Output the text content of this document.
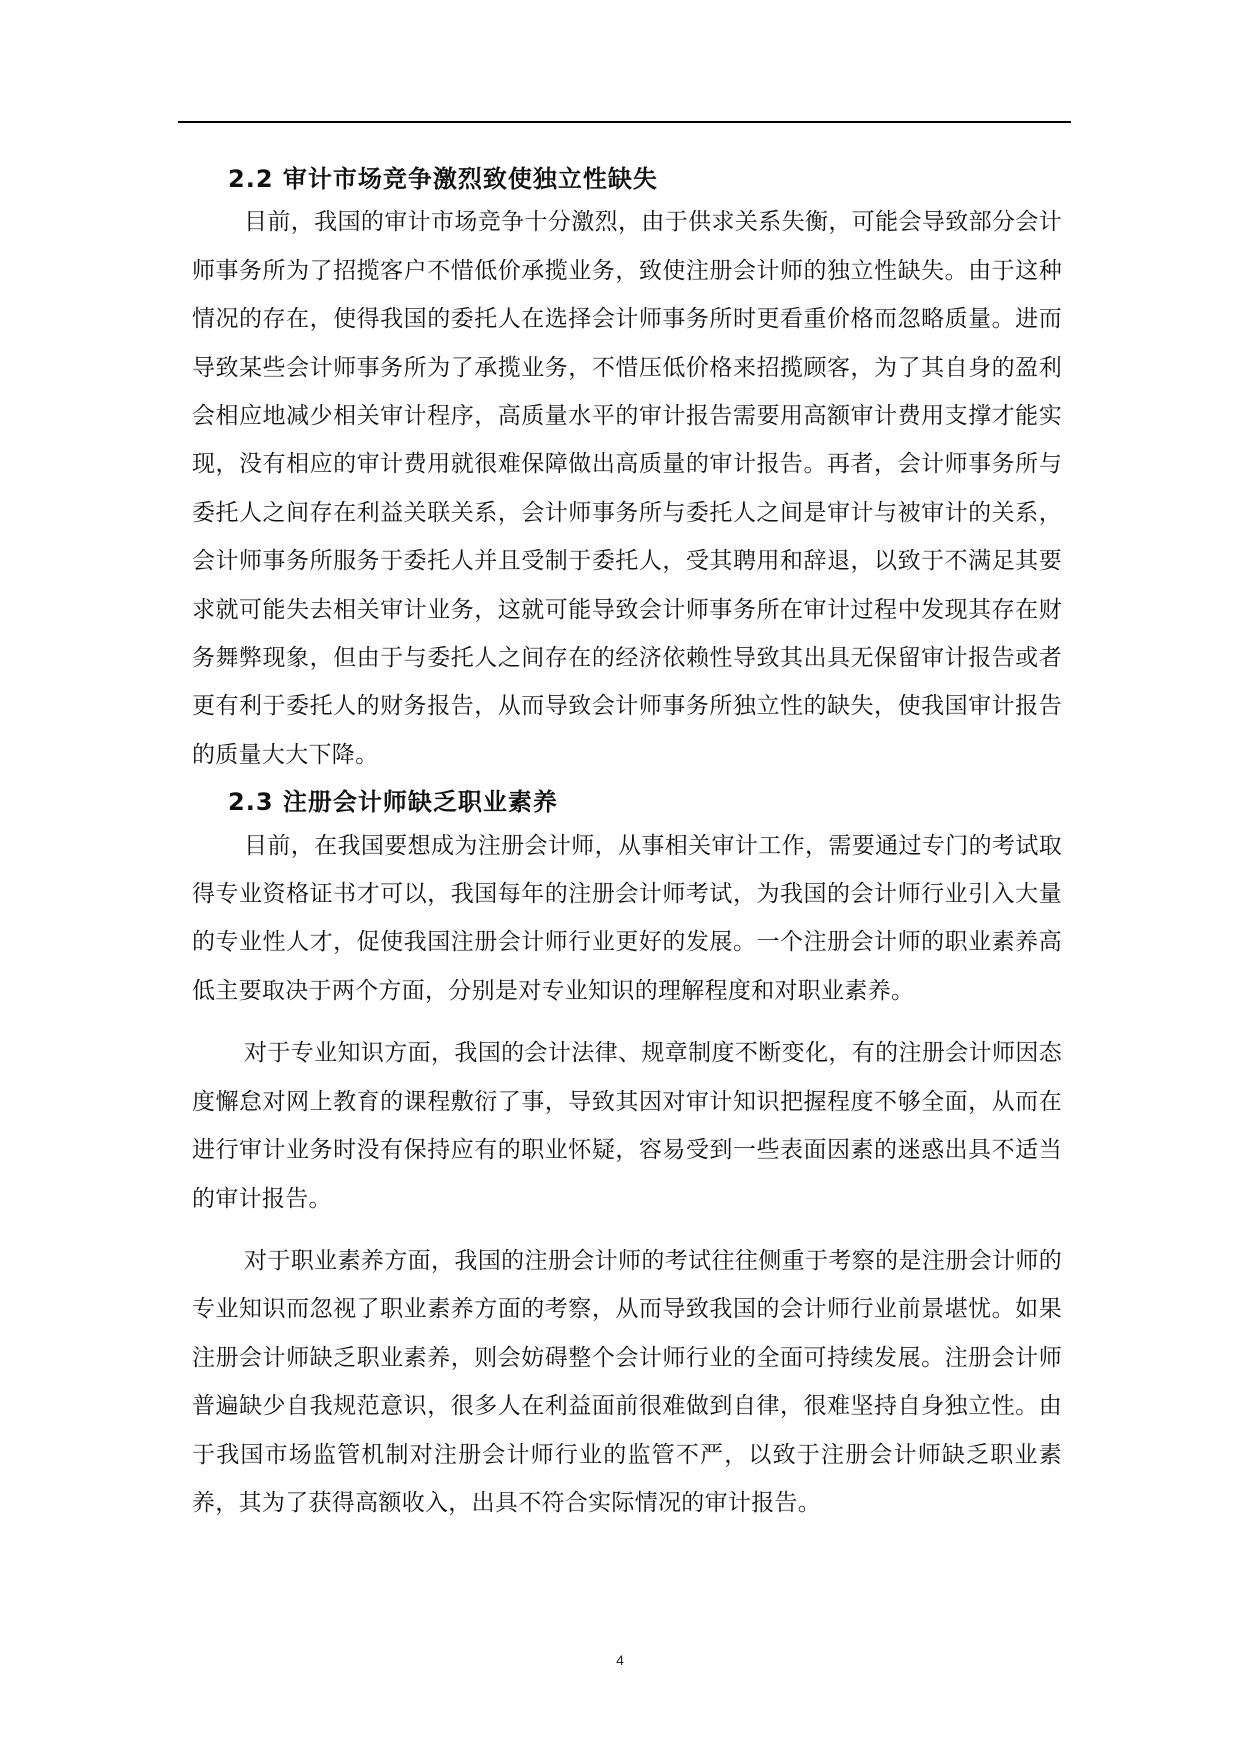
2.2 审计市场竞争激烈致使独立性缺失

目前，我国的审计市场竞争十分激烈，由于供求关系失衡，可能会导致部分会计师事务所为了招揽客户不惜低价承揽业务，致使注册会计师的独立性缺失。由于这种情况的存在，使得我国的委托人在选择会计师事务所时更看重价格而忽略质量。进而导致某些会计师事务所为了承揽业务，不惜压低价格来招揽顾客，为了其自身的盈利会相应地减少相关审计程序，高质量水平的审计报告需要用高额审计费用支撑才能实现，没有相应的审计费用就很难保障做出高质量的审计报告。再者，会计师事务所与委托人之间存在利益关联关系，会计师事务所与委托人之间是审计与被审计的关系，会计师事务所服务于委托人并且受制于委托人，受其聘用和辞退，以致于不满足其要求就可能失去相关审计业务，这就可能导致会计师事务所在审计过程中发现其存在财务舞弊现象，但由于与委托人之间存在的经济依赖性导致其出具无保留审计报告或者更有利于委托人的财务报告，从而导致会计师事务所独立性的缺失，使我国审计报告的质量大大下降。

2.3 注册会计师缺乏职业素养

目前，在我国要想成为注册会计师，从事相关审计工作，需要通过专门的考试取得专业资格证书才可以，我国每年的注册会计师考试，为我国的会计师行业引入大量的专业性人才，促使我国注册会计师行业更好的发展。一个注册会计师的职业素养高低主要取决于两个方面，分别是对专业知识的理解程度和对职业素养。

对于专业知识方面，我国的会计法律、规章制度不断变化，有的注册会计师因态度懈怠对网上教育的课程敷衍了事，导致其因对审计知识把握程度不够全面，从而在进行审计业务时没有保持应有的职业怀疑，容易受到一些表面因素的迷惑出具不适当的审计报告。

对于职业素养方面，我国的注册会计师的考试往往侧重于考察的是注册会计师的专业知识而忽视了职业素养方面的考察，从而导致我国的会计师行业前景堪忧。如果注册会计师缺乏职业素养，则会妨碍整个会计师行业的全面可持续发展。注册会计师普遍缺少自我规范意识，很多人在利益面前很难做到自律，很难坚持自身独立性。由于我国市场监管机制对注册会计师行业的监管不严，以致于注册会计师缺乏职业素养，其为了获得高额收入，出具不符合实际情况的审计报告。

4
